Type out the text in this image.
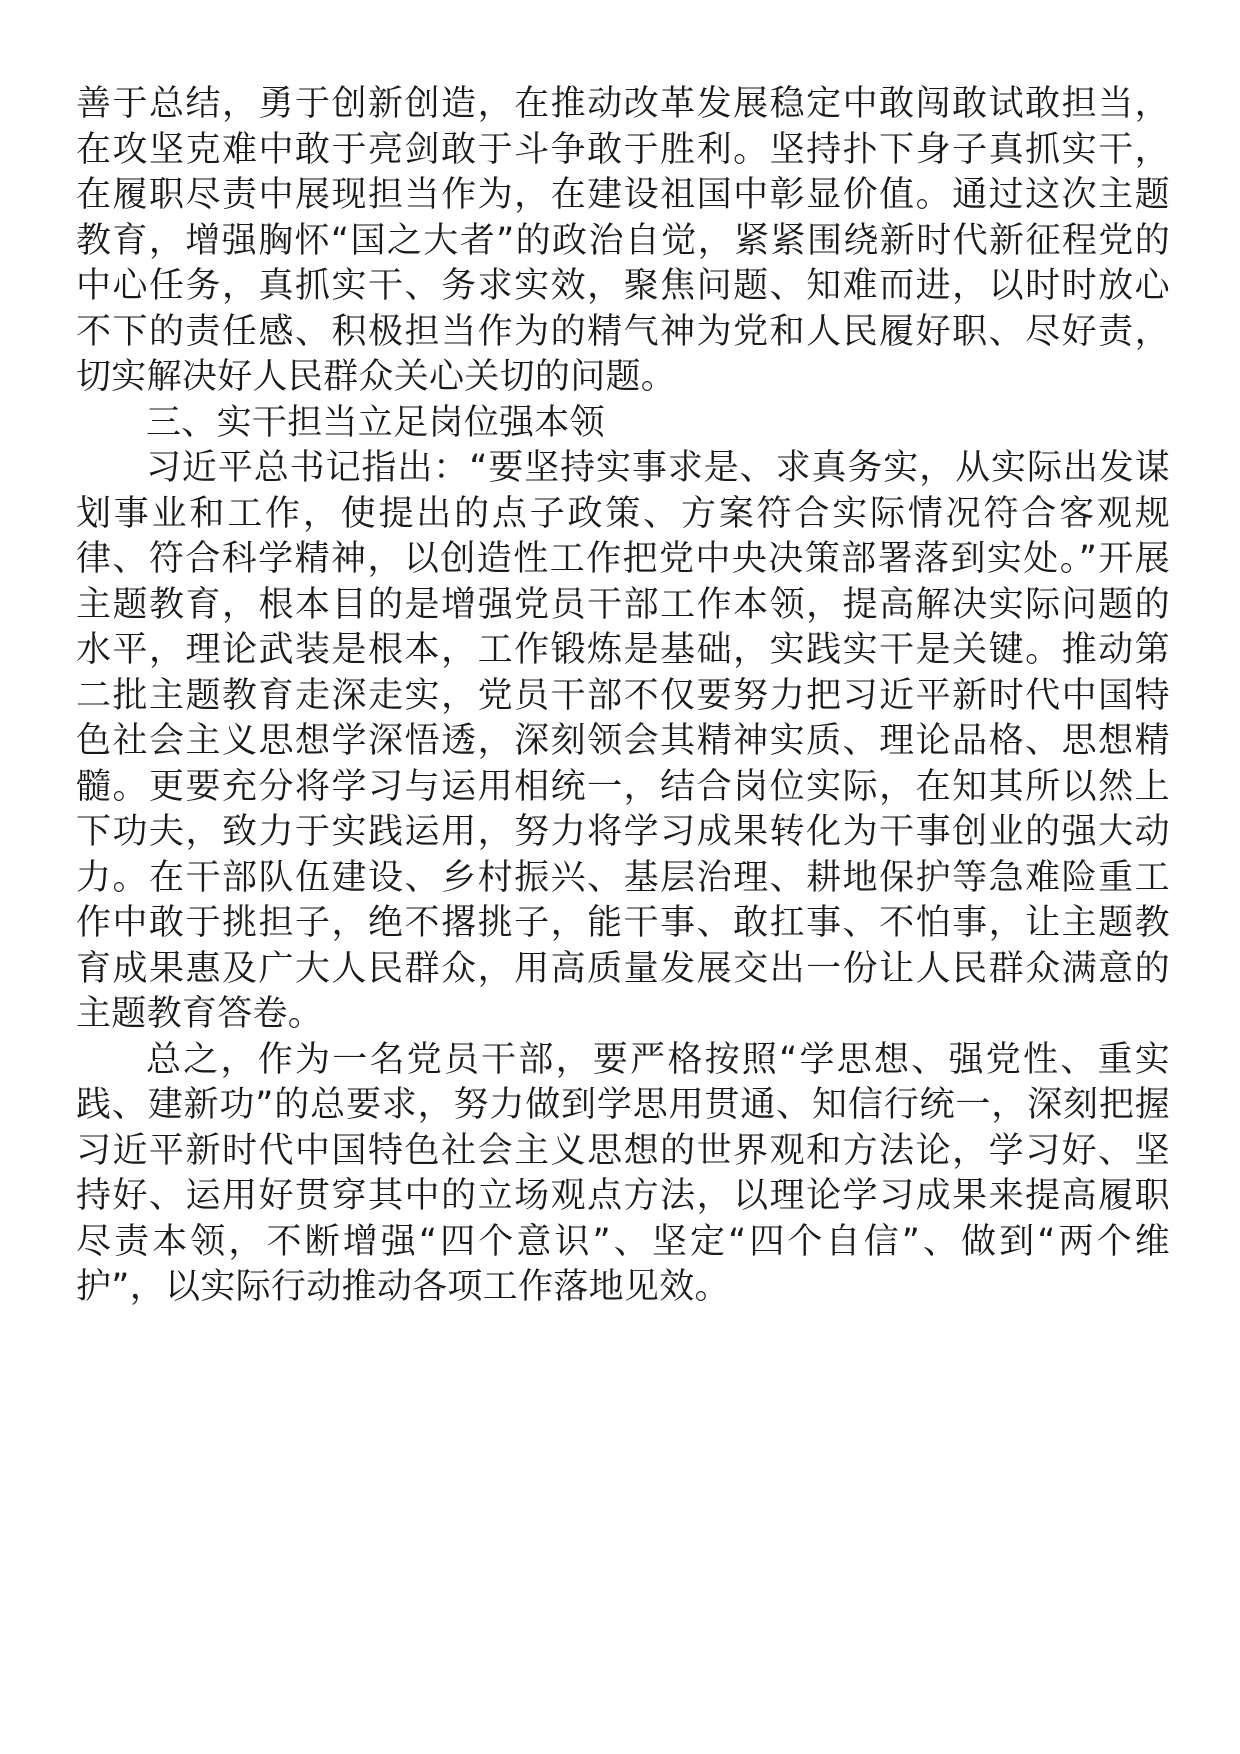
善于总结，勇于创新创造，在推动改革发展稳定中敢闯敢试敢担当，在攻坚克难中敢于亮剑敢于斗争敢于胜利。坚持扑下身子真抓实干，在履职尽责中展现担当作为，在建设祖国中彰显价值。通过这次主题教育，增强胸怀“国之大者”的政治自觉，紧紧围绕新时代新征程党的中心任务，真抓实干、务求实效，聚焦问题、知难而进，以时时放心不下的责任感、积极担当作为的精气神为党和人民履好职、尽好责，切实解决好人民群众关心关切的问题。

三、实干担当立足岗位强本领

习近平总书记指出：“要坚持实事求是、求真务实，从实际出发谋划事业和工作，使提出的点子政策、方案符合实际情况符合客观规律、符合科学精神，以创造性工作把党中央决策部署落到实处。”开展主题教育，根本目的是增强党员干部工作本领，提高解决实际问题的水平，理论武装是根本，工作锻炼是基础，实践实干是关键。推动第二批主题教育走深走实，党员干部不仅要努力把习近平新时代中国特色社会主义思想学深悟透，深刻领会其精神实质、理论品格、思想精髓。更要充分将学习与运用相统一，结合岗位实际，在知其所以然上下功夫，致力于实践运用，努力将学习成果转化为干事创业的强大动力。在干部队伍建设、乡村振兴、基层治理、耕地保护等急难险重工作中敢于挑担子，绝不撂挑子，能干事、敢扛事、不怕事，让主题教育成果惠及广大人民群众，用高质量发展交出一份让人民群众满意的主题教育答卷。

总之，作为一名党员干部，要严格按照“学思想、强党性、重实践、建新功”的总要求，努力做到学思用贯通、知信行统一，深刻把握习近平新时代中国特色社会主义思想的世界观和方法论，学习好、坚持好、运用好贯穿其中的立场观点方法，以理论学习成果来提高履职尽责本领，不断增强“四个意识”、坚定“四个自信”、做到“两个维护”，以实际行动推动各项工作落地见效。
